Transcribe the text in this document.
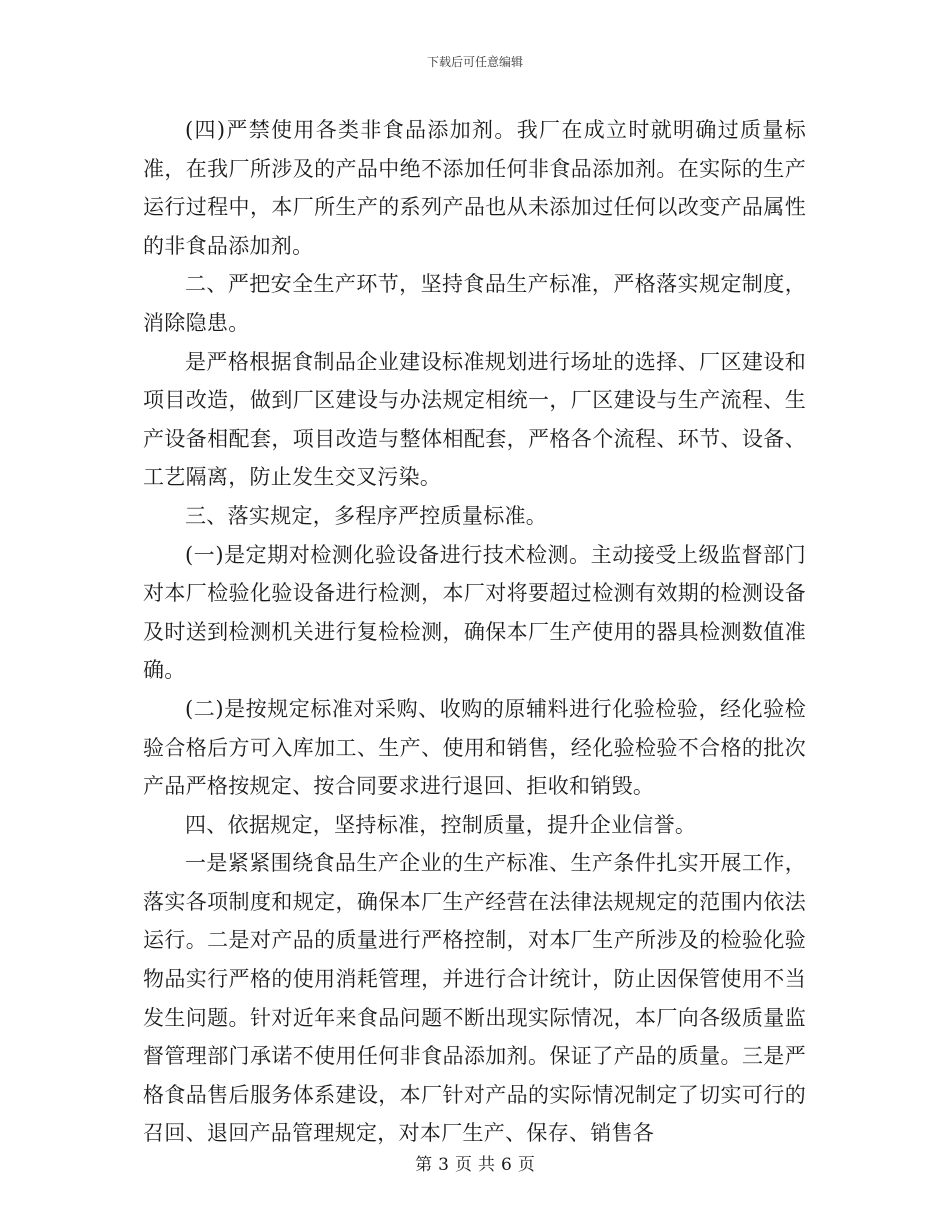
下载后可任意编辑

(四)严禁使用各类非食品添加剂。我厂在成立时就明确过质量标准，在我厂所涉及的产品中绝不添加任何非食品添加剂。在实际的生产运行过程中，本厂所生产的系列产品也从未添加过任何以改变产品属性的非食品添加剂。

二、严把安全生产环节，坚持食品生产标准，严格落实规定制度，消除隐患。

是严格根据食制品企业建设标准规划进行场址的选择、厂区建设和项目改造，做到厂区建设与办法规定相统一，厂区建设与生产流程、生产设备相配套，项目改造与整体相配套，严格各个流程、环节、设备、工艺隔离，防止发生交叉污染。

三、落实规定，多程序严控质量标准。

(一)是定期对检测化验设备进行技术检测。主动接受上级监督部门对本厂检验化验设备进行检测，本厂对将要超过检测有效期的检测设备及时送到检测机关进行复检检测，确保本厂生产使用的器具检测数值准确。

(二)是按规定标准对采购、收购的原辅料进行化验检验，经化验检验合格后方可入库加工、生产、使用和销售，经化验检验不合格的批次产品严格按规定、按合同要求进行退回、拒收和销毁。

四、依据规定，坚持标准，控制质量，提升企业信誉。

一是紧紧围绕食品生产企业的生产标准、生产条件扎实开展工作，落实各项制度和规定，确保本厂生产经营在法律法规规定的范围内依法运行。二是对产品的质量进行严格控制，对本厂生产所涉及的检验化验物品实行严格的使用消耗管理，并进行合计统计，防止因保管使用不当发生问题。针对近年来食品问题不断出现实际情况，本厂向各级质量监督管理部门承诺不使用任何非食品添加剂。保证了产品的质量。三是严格食品售后服务体系建设，本厂针对产品的实际情况制定了切实可行的召回、退回产品管理规定，对本厂生产、保存、销售各

第 3 页 共 6 页
